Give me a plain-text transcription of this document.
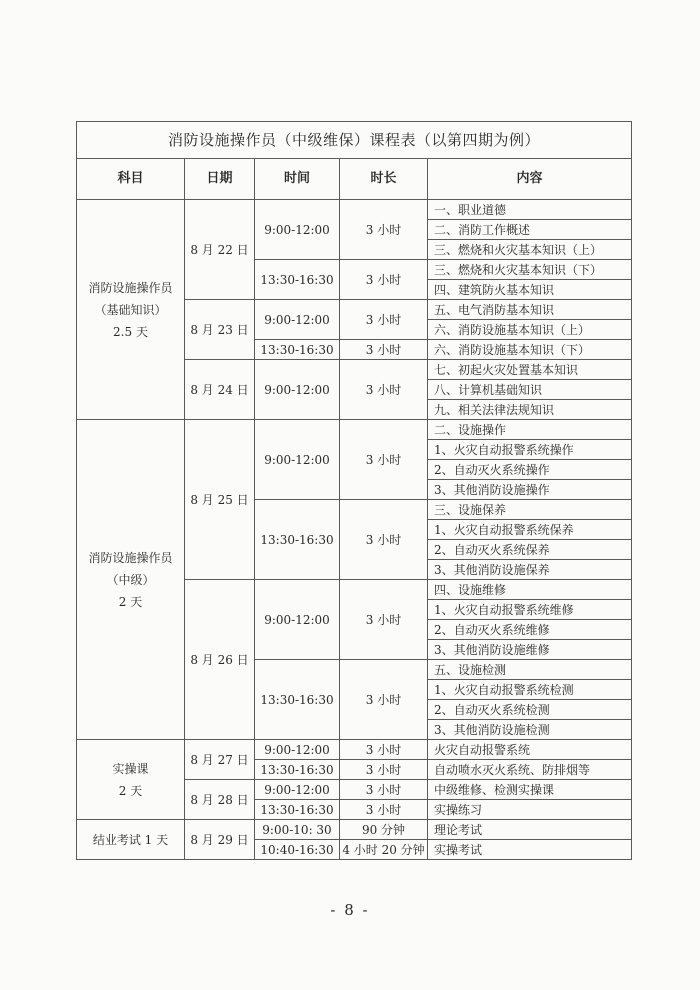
消防设施操作员（中级维保）课程表（以第四期为例）				
科目	日期	时间	时长	内容

消防设施操作员
（基础知识）
2.5 天	8 月 22 日	9:00-12:00	3 小时	一、职业道德
				二、消防工作概述
				三、燃烧和火灾基本知识（上）
		13:30-16:30	3 小时	三、燃烧和火灾基本知识（下）
				四、建筑防火基本知识
	8 月 23 日	9:00-12:00	3 小时	五、电气消防基本知识
				六、消防设施基本知识（上）
		13:30-16:30	3 小时	六、消防设施基本知识（下）
	8 月 24 日	9:00-12:00	3 小时	七、初起火灾处置基本知识
				八、计算机基础知识
				九、相关法律法规知识

消防设施操作员
（中级）
2 天	8 月 25 日	9:00-12:00	3 小时	二、设施操作
				1、火灾自动报警系统操作
				2、自动灭火系统操作
				3、其他消防设施操作
		13:30-16:30	3 小时	三、设施保养
				1、火灾自动报警系统保养
				2、自动灭火系统保养
				3、其他消防设施保养
	8 月 26 日	9:00-12:00	3 小时	四、设施维修
				1、火灾自动报警系统维修
				2、自动灭火系统维修
				3、其他消防设施维修
		13:30-16:30	3 小时	五、设施检测
				1、火灾自动报警系统检测
				2、自动灭火系统检测
				3、其他消防设施检测

实操课
2 天	8 月 27 日	9:00-12:00	3 小时	火灾自动报警系统
		13:30-16:30	3 小时	自动喷水灭火系统、防排烟等
	8 月 28 日	9:00-12:00	3 小时	中级维修、检测实操课
		13:30-16:30	3 小时	实操练习

结业考试 1 天	8 月 29 日	9:00-10: 30	90 分钟	理论考试
		10:40-16:30	4 小时 20 分钟	实操考试
- 8 -
